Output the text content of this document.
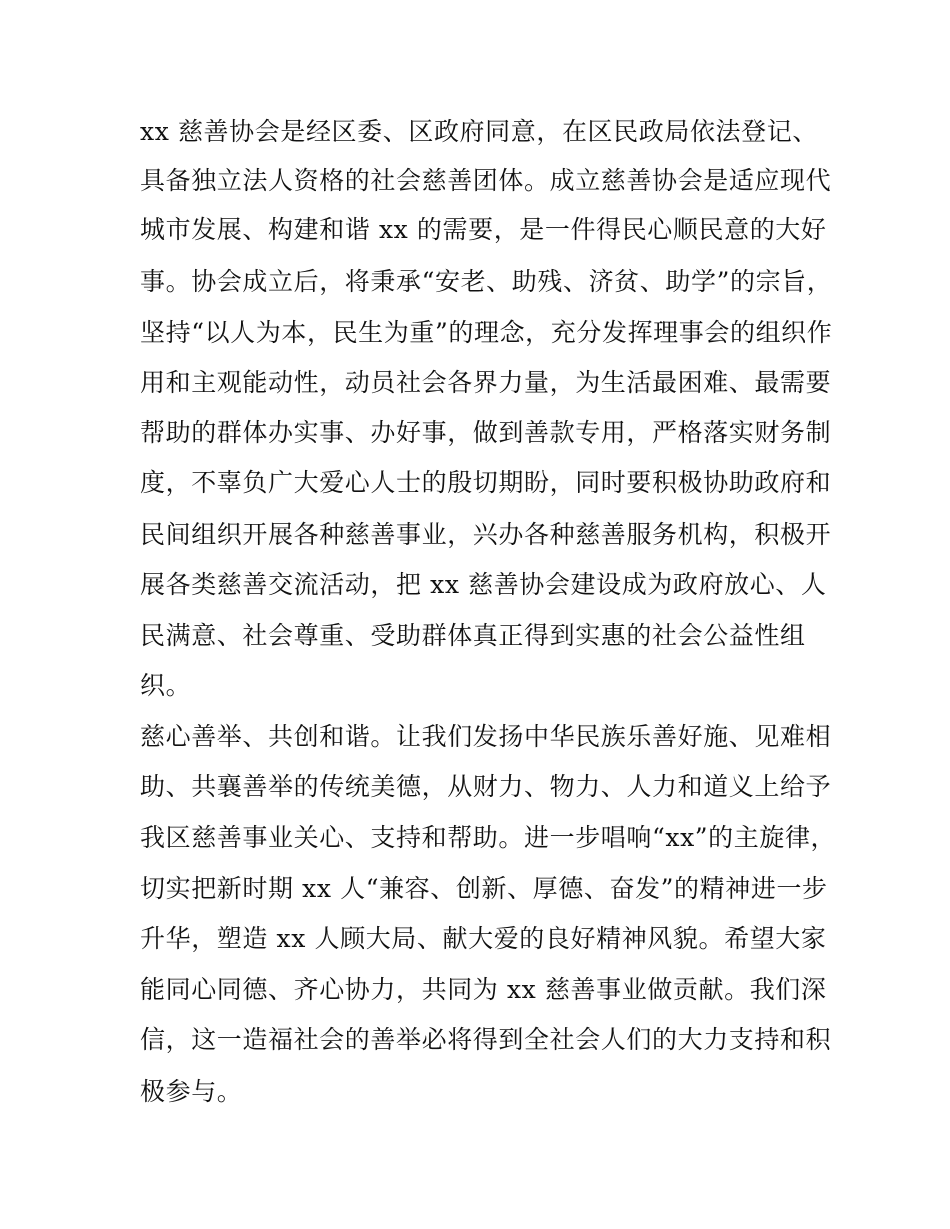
xx 慈善协会是经区委、区政府同意，在区民政局依法登记、
具备独立法人资格的社会慈善团体。成立慈善协会是适应现代
城市发展、构建和谐 xx 的需要，是一件得民心顺民意的大好
事。协会成立后，将秉承“安老、助残、济贫、助学”的宗旨，
坚持“以人为本，民生为重”的理念，充分发挥理事会的组织作
用和主观能动性，动员社会各界力量，为生活最困难、最需要
帮助的群体办实事、办好事，做到善款专用，严格落实财务制
度，不辜负广大爱心人士的殷切期盼，同时要积极协助政府和
民间组织开展各种慈善事业，兴办各种慈善服务机构，积极开
展各类慈善交流活动，把 xx 慈善协会建设成为政府放心、人
民满意、社会尊重、受助群体真正得到实惠的社会公益性组
织。
慈心善举、共创和谐。让我们发扬中华民族乐善好施、见难相
助、共襄善举的传统美德，从财力、物力、人力和道义上给予
我区慈善事业关心、支持和帮助。进一步唱响“xx”的主旋律，
切实把新时期 xx 人“兼容、创新、厚德、奋发”的精神进一步
升华，塑造 xx 人顾大局、献大爱的良好精神风貌。希望大家
能同心同德、齐心协力，共同为 xx 慈善事业做贡献。我们深
信，这一造福社会的善举必将得到全社会人们的大力支持和积
极参与。
